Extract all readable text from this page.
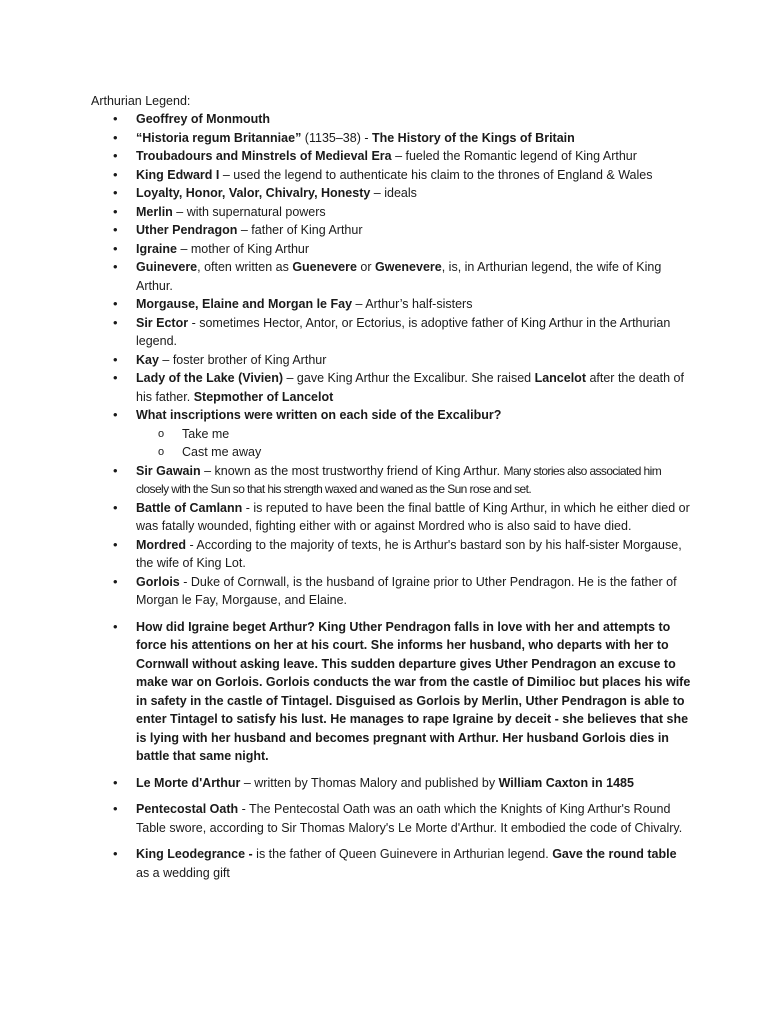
Arthurian Legend:
• Geoffrey of Monmouth
• “Historia regum Britanniae” (1135–38) - The History of the Kings of Britain
• Troubadours and Minstrels of Medieval Era – fueled the Romantic legend of King Arthur
• King Edward I – used the legend to authenticate his claim to the thrones of England & Wales
• Loyalty, Honor, Valor, Chivalry, Honesty – ideals
• Merlin – with supernatural powers
• Uther Pendragon – father of King Arthur
• Igraine – mother of King Arthur
• Guinevere, often written as Guenevere or Gwenevere, is, in Arthurian legend, the wife of King Arthur.
• Morgause, Elaine and Morgan le Fay – Arthur’s half-sisters
• Sir Ector - sometimes Hector, Antor, or Ectorius, is adoptive father of King Arthur in the Arthurian legend.
• Kay – foster brother of King Arthur
• Lady of the Lake (Vivien) – gave King Arthur the Excalibur. She raised Lancelot after the death of his father. Stepmother of Lancelot
• What inscriptions were written on each side of the Excalibur?
o Take me
o Cast me away
• Sir Gawain – known as the most trustworthy friend of King Arthur. Many stories also associated him closely with the Sun so that his strength waxed and waned as the Sun rose and set.
• Battle of Camlann - is reputed to have been the final battle of King Arthur, in which he either died or was fatally wounded, fighting either with or against Mordred who is also said to have died.
• Mordred - According to the majority of texts, he is Arthur's bastard son by his half-sister Morgause, the wife of King Lot.
• Gorlois - Duke of Cornwall, is the husband of Igraine prior to Uther Pendragon. He is the father of Morgan le Fay, Morgause, and Elaine.
• How did Igraine beget Arthur? King Uther Pendragon falls in love with her and attempts to force his attentions on her at his court. She informs her husband, who departs with her to Cornwall without asking leave. This sudden departure gives Uther Pendragon an excuse to make war on Gorlois. Gorlois conducts the war from the castle of Dimilioc but places his wife in safety in the castle of Tintagel. Disguised as Gorlois by Merlin, Uther Pendragon is able to enter Tintagel to satisfy his lust. He manages to rape Igraine by deceit - she believes that she is lying with her husband and becomes pregnant with Arthur. Her husband Gorlois dies in battle that same night.
• Le Morte d'Arthur – written by Thomas Malory and published by William Caxton in 1485
• Pentecostal Oath - The Pentecostal Oath was an oath which the Knights of King Arthur's Round Table swore, according to Sir Thomas Malory's Le Morte d'Arthur. It embodied the code of Chivalry.
• King Leodegrance - is the father of Queen Guinevere in Arthurian legend. Gave the round table as a wedding gift
